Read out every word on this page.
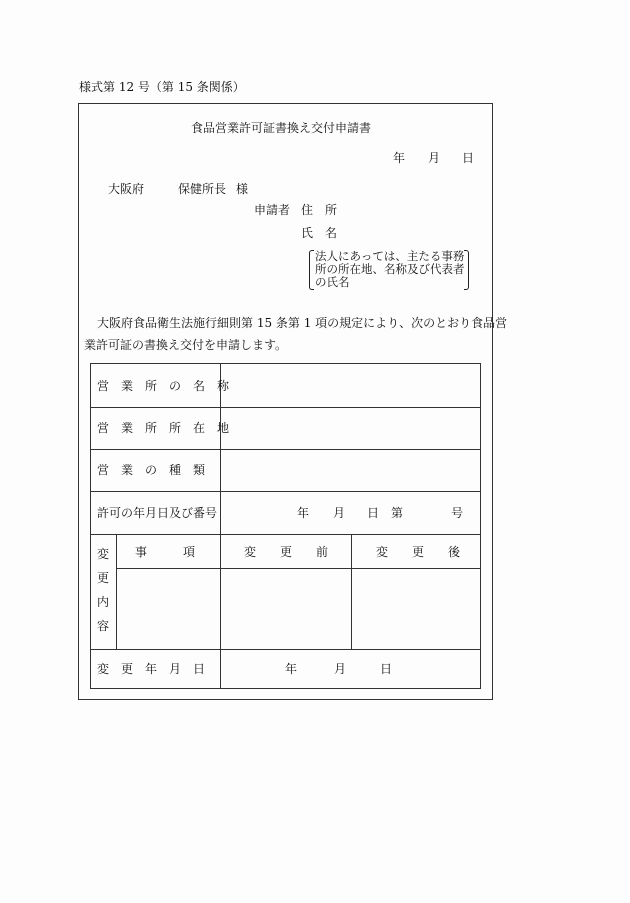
様式第 12 号（第 15 条関係）
食品営業許可証書換え交付申請書
年 月 日
大阪府	保健所長 様
申請者 住　所
氏　名
法人にあっては、主たる事務
所の所在地、名称及び代表者
の氏名
大阪府食品衛生法施行細則第 15 条第 1 項の規定により、次のとおり食品営
業許可証の書換え交付を申請します。
営　業　所　の　名　称
営　業　所　所　在　地
営　業　の　種　類
許可の年月日及び番号	年 月 日 第	号
変
更
内
容
事　　　項	変　　更　　前	変　　更　　後
変　更　年　月　日	年	月	日
